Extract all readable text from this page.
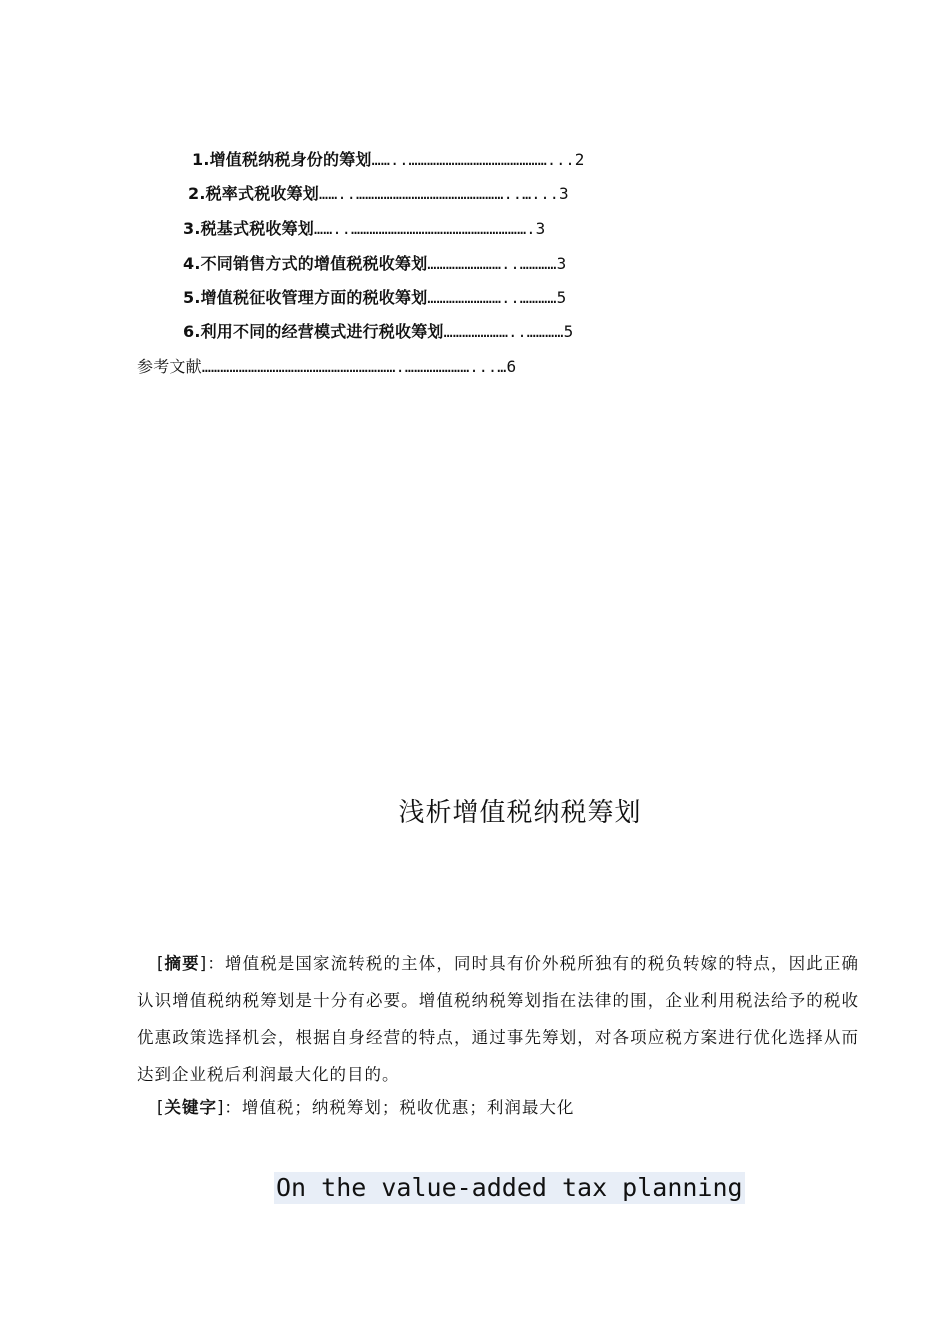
1.增值税纳税身份的筹划……..………………………………………...2
2.税率式税收筹划……..…………………………………………..…...3
3.税基式税收筹划……..………………………………………………….3
4.不同销售方式的增值税税收筹划……………………..…………3
5.增值税征收管理方面的税收筹划……………………..…………5
6.利用不同的经营模式进行税收筹划…………………..…………5
参考文献……………………………………………………….…………………...…6
浅析增值税纳税筹划
[摘要]：增值税是国家流转税的主体，同时具有价外税所独有的税负转嫁的特点，因此正确认识增值税纳税筹划是十分有必要。增值税纳税筹划指在法律的围，企业利用税法给予的税收优惠政策选择机会，根据自身经营的特点，通过事先筹划，对各项应税方案进行优化选择从而达到企业税后利润最大化的目的。
[关键字]：增值税；纳税筹划；税收优惠；利润最大化
On the value-added tax planning
